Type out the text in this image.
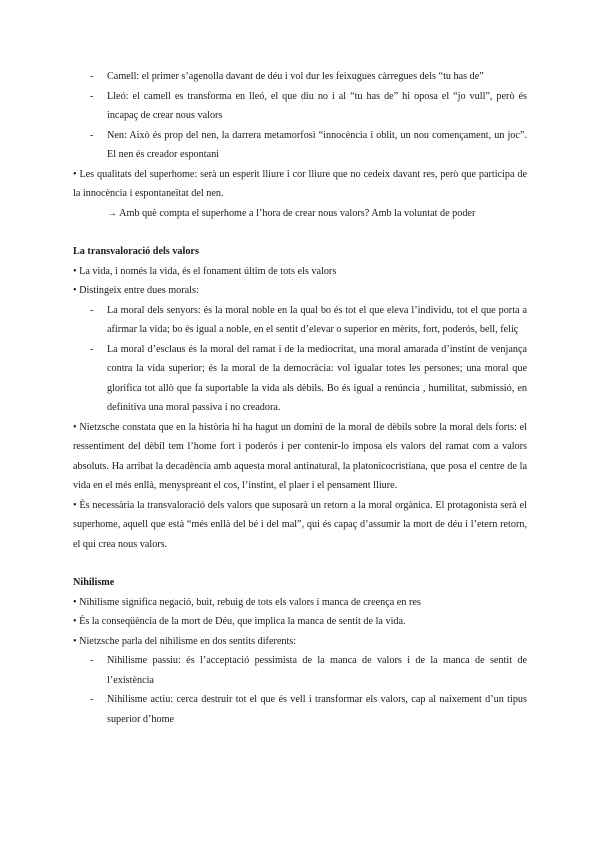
- Camell: el primer s’agenolla davant de déu i vol dur les feixugues càrregues dels “tu has de”
- Lleó: el camell es transforma en lleó, el que diu no i al “tu has de” hi oposa el “jo vull”, però és incapaç de crear nous valors
- Nen: Això és prop del nen, la darrera metamorfosi “innocència i oblit, un nou començament, un joc”. El nen és creador espontani
• Les qualitats del superhome: serà un esperit lliure i cor lliure que no cedeix davant res, però que participa de la innocència i espontaneïtat del nen.
→ Amb què compta el superhome a l’hora de crear nous valors? Amb la voluntat de poder
La transvaloració dels valors
• La vida, i només la vida, és el fonament últim de tots els valors
• Distingeix entre dues morals:
- La moral dels senyors: és la moral noble en la qual bo és tot el que eleva l’individu, tot el que porta a afirmar la vida; bo és igual a noble, en el sentit d’elevar o superior en mèrits, fort, poderós, bell, feliç
- La moral d’esclaus és la moral del ramat i de la mediocritat, una moral amarada d’instint de venjança contra la vida superior; és la moral de la democràcia: vol igualar totes les persones; una moral que glorifica tot allò que fa suportable la vida als dèbils. Bo és igual a renúncia , humilitat, submissió, en definitiva una moral passiva i no creadora.
• Nietzsche constata que en la història hi ha hagut un domini de la moral de dèbils sobre la moral dels forts: el ressentiment del dèbil tem l’home fort i poderós i per contenir-lo imposa els valors del ramat com a valors absoluts. Ha arribat la decadència amb aquesta moral antinatural, la platonicocristiana, que posa el centre de la vida en el més enllà, menyspreant el cos, l’instint, el plaer i el pensament lliure.
• És necessària la transvaloració dels valors que suposarà un retorn a la moral orgànica. El protagonista serà el superhome, aquell que està “més enllà del bé i del mal”, qui és capaç d’assumir la mort de déu i l’etern retorn, el qui crea nous valors.
Nihilisme
• Nihilisme significa negació, buit, rebuig de tots els valors i manca de creença en res
• És la conseqüència de la mort de Déu, que implica la manca de sentit de la vida.
• Nietzsche parla del nihilisme en dos sentits diferents:
- Nihilisme passiu: és l’acceptació pessimista de la manca de valors i de la manca de sentit de l’existència
- Nihilisme actiu: cerca destruir tot el que és vell i transformar els valors, cap al naixement d’un tipus superior d’home
